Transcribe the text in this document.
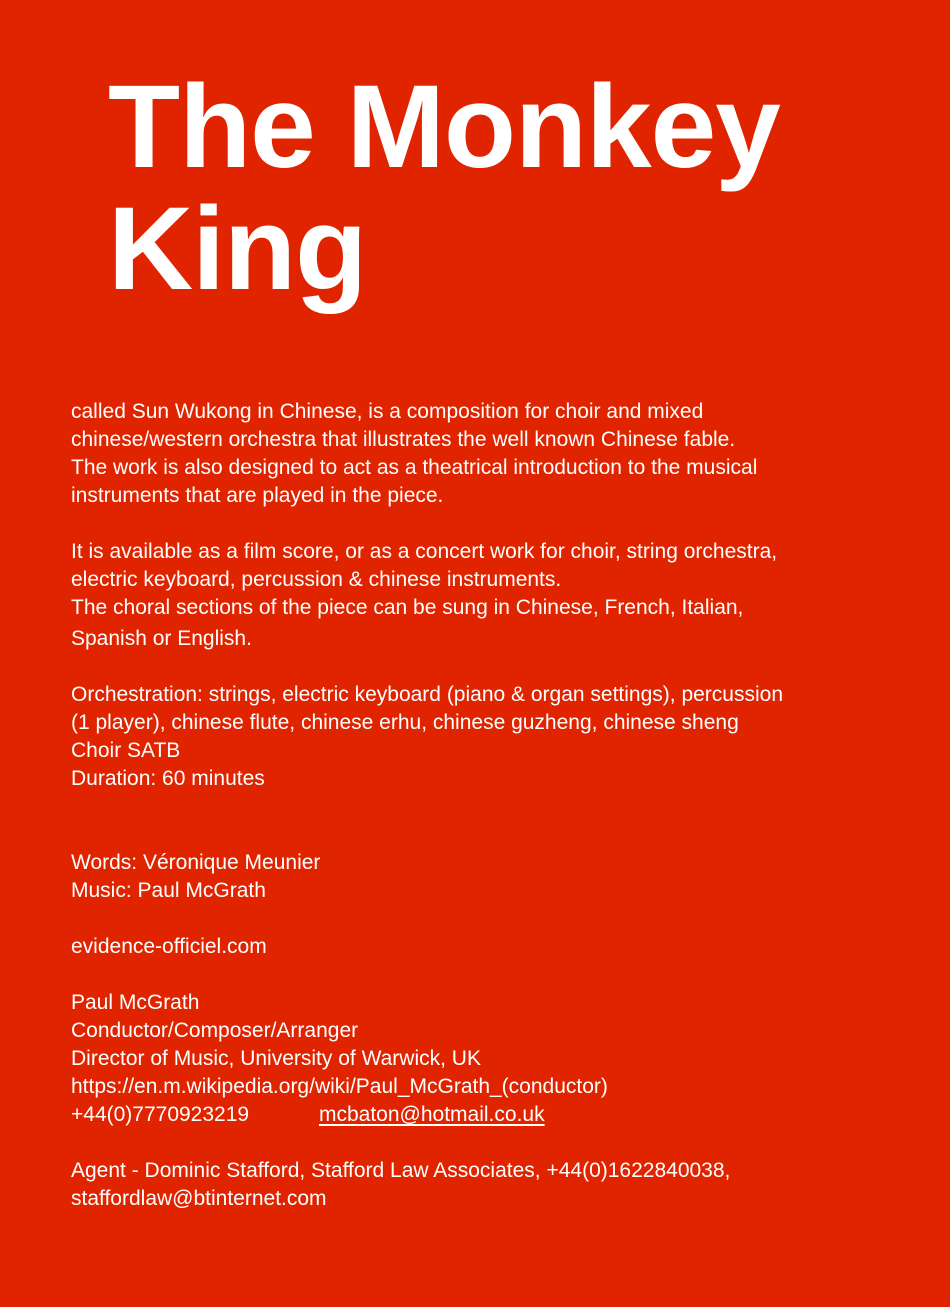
The Monkey
King
called Sun Wukong in Chinese, is a composition for choir and mixed
chinese/western orchestra that illustrates the well known Chinese fable.
The work is also designed to act as a theatrical introduction to the musical
instruments that are played in the piece.
It is available as a film score, or as a concert work for choir, string orchestra,
electric keyboard, percussion & chinese instruments.
The choral sections of the piece can be sung in Chinese, French, Italian,
Spanish or English.
Orchestration: strings, electric keyboard (piano & organ settings), percussion
(1 player), chinese flute, chinese erhu, chinese guzheng, chinese sheng
Choir SATB
Duration: 60 minutes
Words: Véronique Meunier
Music: Paul McGrath
evidence-officiel.com
Paul McGrath
Conductor/Composer/Arranger
Director of Music, University of Warwick, UK
https://en.m.wikipedia.org/wiki/Paul_McGrath_(conductor)
+44(0)7770923219	mcbaton@hotmail.co.uk
Agent - Dominic Stafford, Stafford Law Associates, +44(0)1622840038,
staffordlaw@btinternet.com
